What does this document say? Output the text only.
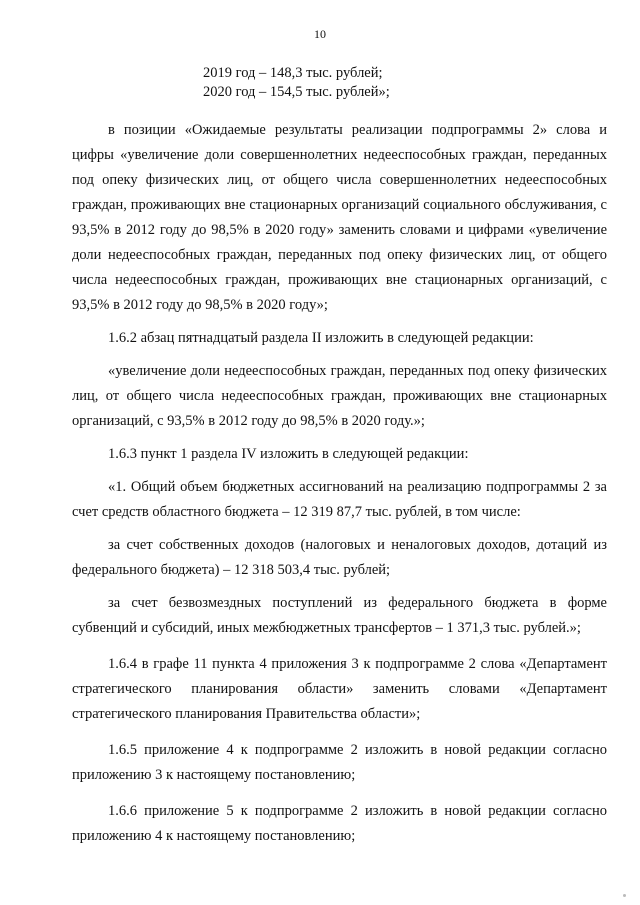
10
2019 год – 148,3 тыс. рублей;
2020 год – 154,5 тыс. рублей»;

в позиции «Ожидаемые результаты реализации подпрограммы 2» слова и цифры «увеличение доли совершеннолетних недееспособных граждан, переданных под опеку физических лиц, от общего числа совершеннолетних недееспособных граждан, проживающих вне стационарных организаций социального обслуживания, с 93,5% в 2012 году до 98,5% в 2020 году» заменить словами и цифрами «увеличение доли недееспособных граждан, переданных под опеку физических лиц, от общего числа недееспособных граждан, проживающих вне стационарных организаций, с 93,5% в 2012 году до 98,5% в 2020 году»;

1.6.2 абзац пятнадцатый раздела II изложить в следующей редакции:

«увеличение доли недееспособных граждан, переданных под опеку физических лиц, от общего числа недееспособных граждан, проживающих вне стационарных организаций, с 93,5% в 2012 году до 98,5% в 2020 году.»;

1.6.3 пункт 1 раздела IV изложить в следующей редакции:

«1. Общий объем бюджетных ассигнований на реализацию подпрограммы 2 за счет средств областного бюджета – 12 319 87,7 тыс. рублей, в том числе:

за счет собственных доходов (налоговых и неналоговых доходов, дотаций из федерального бюджета) – 12 318 503,4 тыс. рублей;

за счет безвозмездных поступлений из федерального бюджета в форме субвенций и субсидий, иных межбюджетных трансфертов – 1 371,3 тыс. рублей.»;

1.6.4 в графе 11 пункта 4 приложения 3 к подпрограмме 2 слова «Департамент стратегического планирования области» заменить словами «Департамент стратегического планирования Правительства области»;

1.6.5 приложение 4 к подпрограмме 2 изложить в новой редакции согласно приложению 3 к настоящему постановлению;

1.6.6 приложение 5 к подпрограмме 2 изложить в новой редакции согласно приложению 4 к настоящему постановлению;
